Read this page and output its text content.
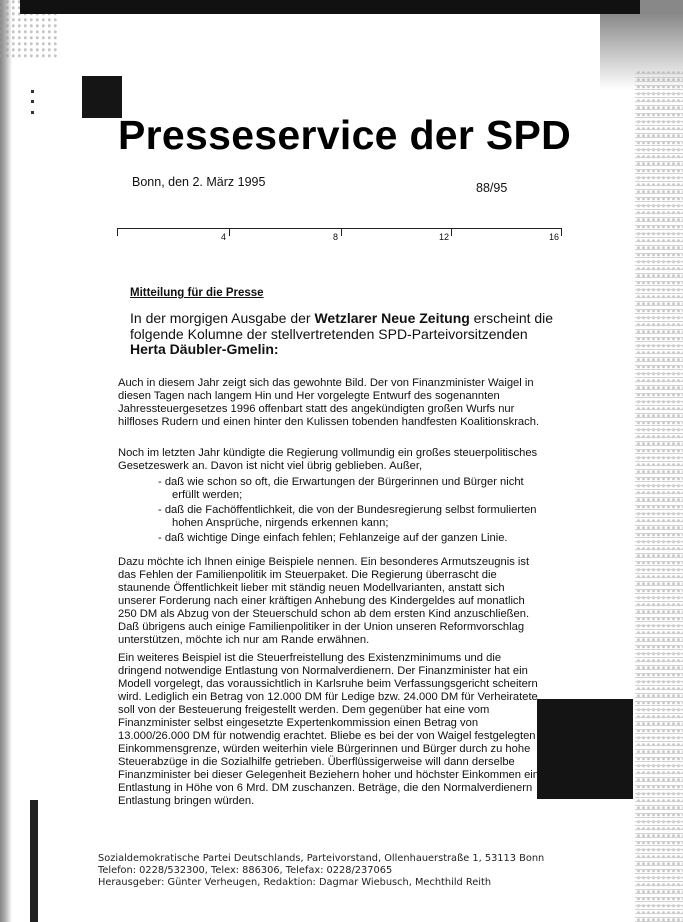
Presseservice der SPD
Bonn, den 2. März 1995	88/95
4	8	12	16
Mitteilung für die Presse
In der morgigen Ausgabe der Wetzlarer Neue Zeitung erscheint die
folgende Kolumne der stellvertretenden SPD-Parteivorsitzenden
Herta Däubler-Gmelin:
Auch in diesem Jahr zeigt sich das gewohnte Bild. Der von Finanzminister Waigel in
diesen Tagen nach langem Hin und Her vorgelegte Entwurf des sogenannten
Jahressteuergesetzes 1996 offenbart statt des angekündigten großen Wurfs nur
hilfloses Rudern und einen hinter den Kulissen tobenden handfesten Koalitionskrach.
Noch im letzten Jahr kündigte die Regierung vollmundig ein großes steuerpolitisches
Gesetzeswerk an. Davon ist nicht viel übrig geblieben. Außer,
- daß wie schon so oft, die Erwartungen der Bürgerinnen und Bürger nicht
erfüllt werden;
- daß die Fachöffentlichkeit, die von der Bundesregierung selbst formulierten
hohen Ansprüche, nirgends erkennen kann;
- daß wichtige Dinge einfach fehlen; Fehlanzeige auf der ganzen Linie.
Dazu möchte ich Ihnen einige Beispiele nennen. Ein besonderes Armutszeugnis ist
das Fehlen der Familienpolitik im Steuerpaket. Die Regierung überrascht die
staunende Öffentlichkeit lieber mit ständig neuen Modellvarianten, anstatt sich
unserer Forderung nach einer kräftigen Anhebung des Kindergeldes auf monatlich
250 DM als Abzug von der Steuerschuld schon ab dem ersten Kind anzuschließen.
Daß übrigens auch einige Familienpolitiker in der Union unseren Reformvorschlag
unterstützen, möchte ich nur am Rande erwähnen.
Ein weiteres Beispiel ist die Steuerfreistellung des Existenzminimums und die
dringend notwendige Entlastung von Normalverdienern. Der Finanzminister hat ein
Modell vorgelegt, das voraussichtlich in Karlsruhe beim Verfassungsgericht scheitern
wird. Lediglich ein Betrag von 12.000 DM für Ledige bzw. 24.000 DM für Verheiratete
soll von der Besteuerung freigestellt werden. Dem gegenüber hat eine vom
Finanzminister selbst eingesetzte Expertenkommission einen Betrag von
13.000/26.000 DM für notwendig erachtet. Bliebe es bei der von Waigel festgelegten
Einkommensgrenze, würden weiterhin viele Bürgerinnen und Bürger durch zu hohe
Steuerabzüge in die Sozialhilfe getrieben. Überflüssigerweise will dann derselbe
Finanzminister bei dieser Gelegenheit Beziehern hoher und höchster Einkommen ein
Entlastung in Höhe von 6 Mrd. DM zuschanzen. Beträge, die den Normalverdienern
Entlastung bringen würden.
Sozialdemokratische Partei Deutschlands, Parteivorstand, Ollenhauerstraße 1, 53113 Bonn
Telefon: 0228/532300, Telex: 886306, Telefax: 0228/237065
Herausgeber: Günter Verheugen, Redaktion: Dagmar Wiebusch, Mechthild Reith
